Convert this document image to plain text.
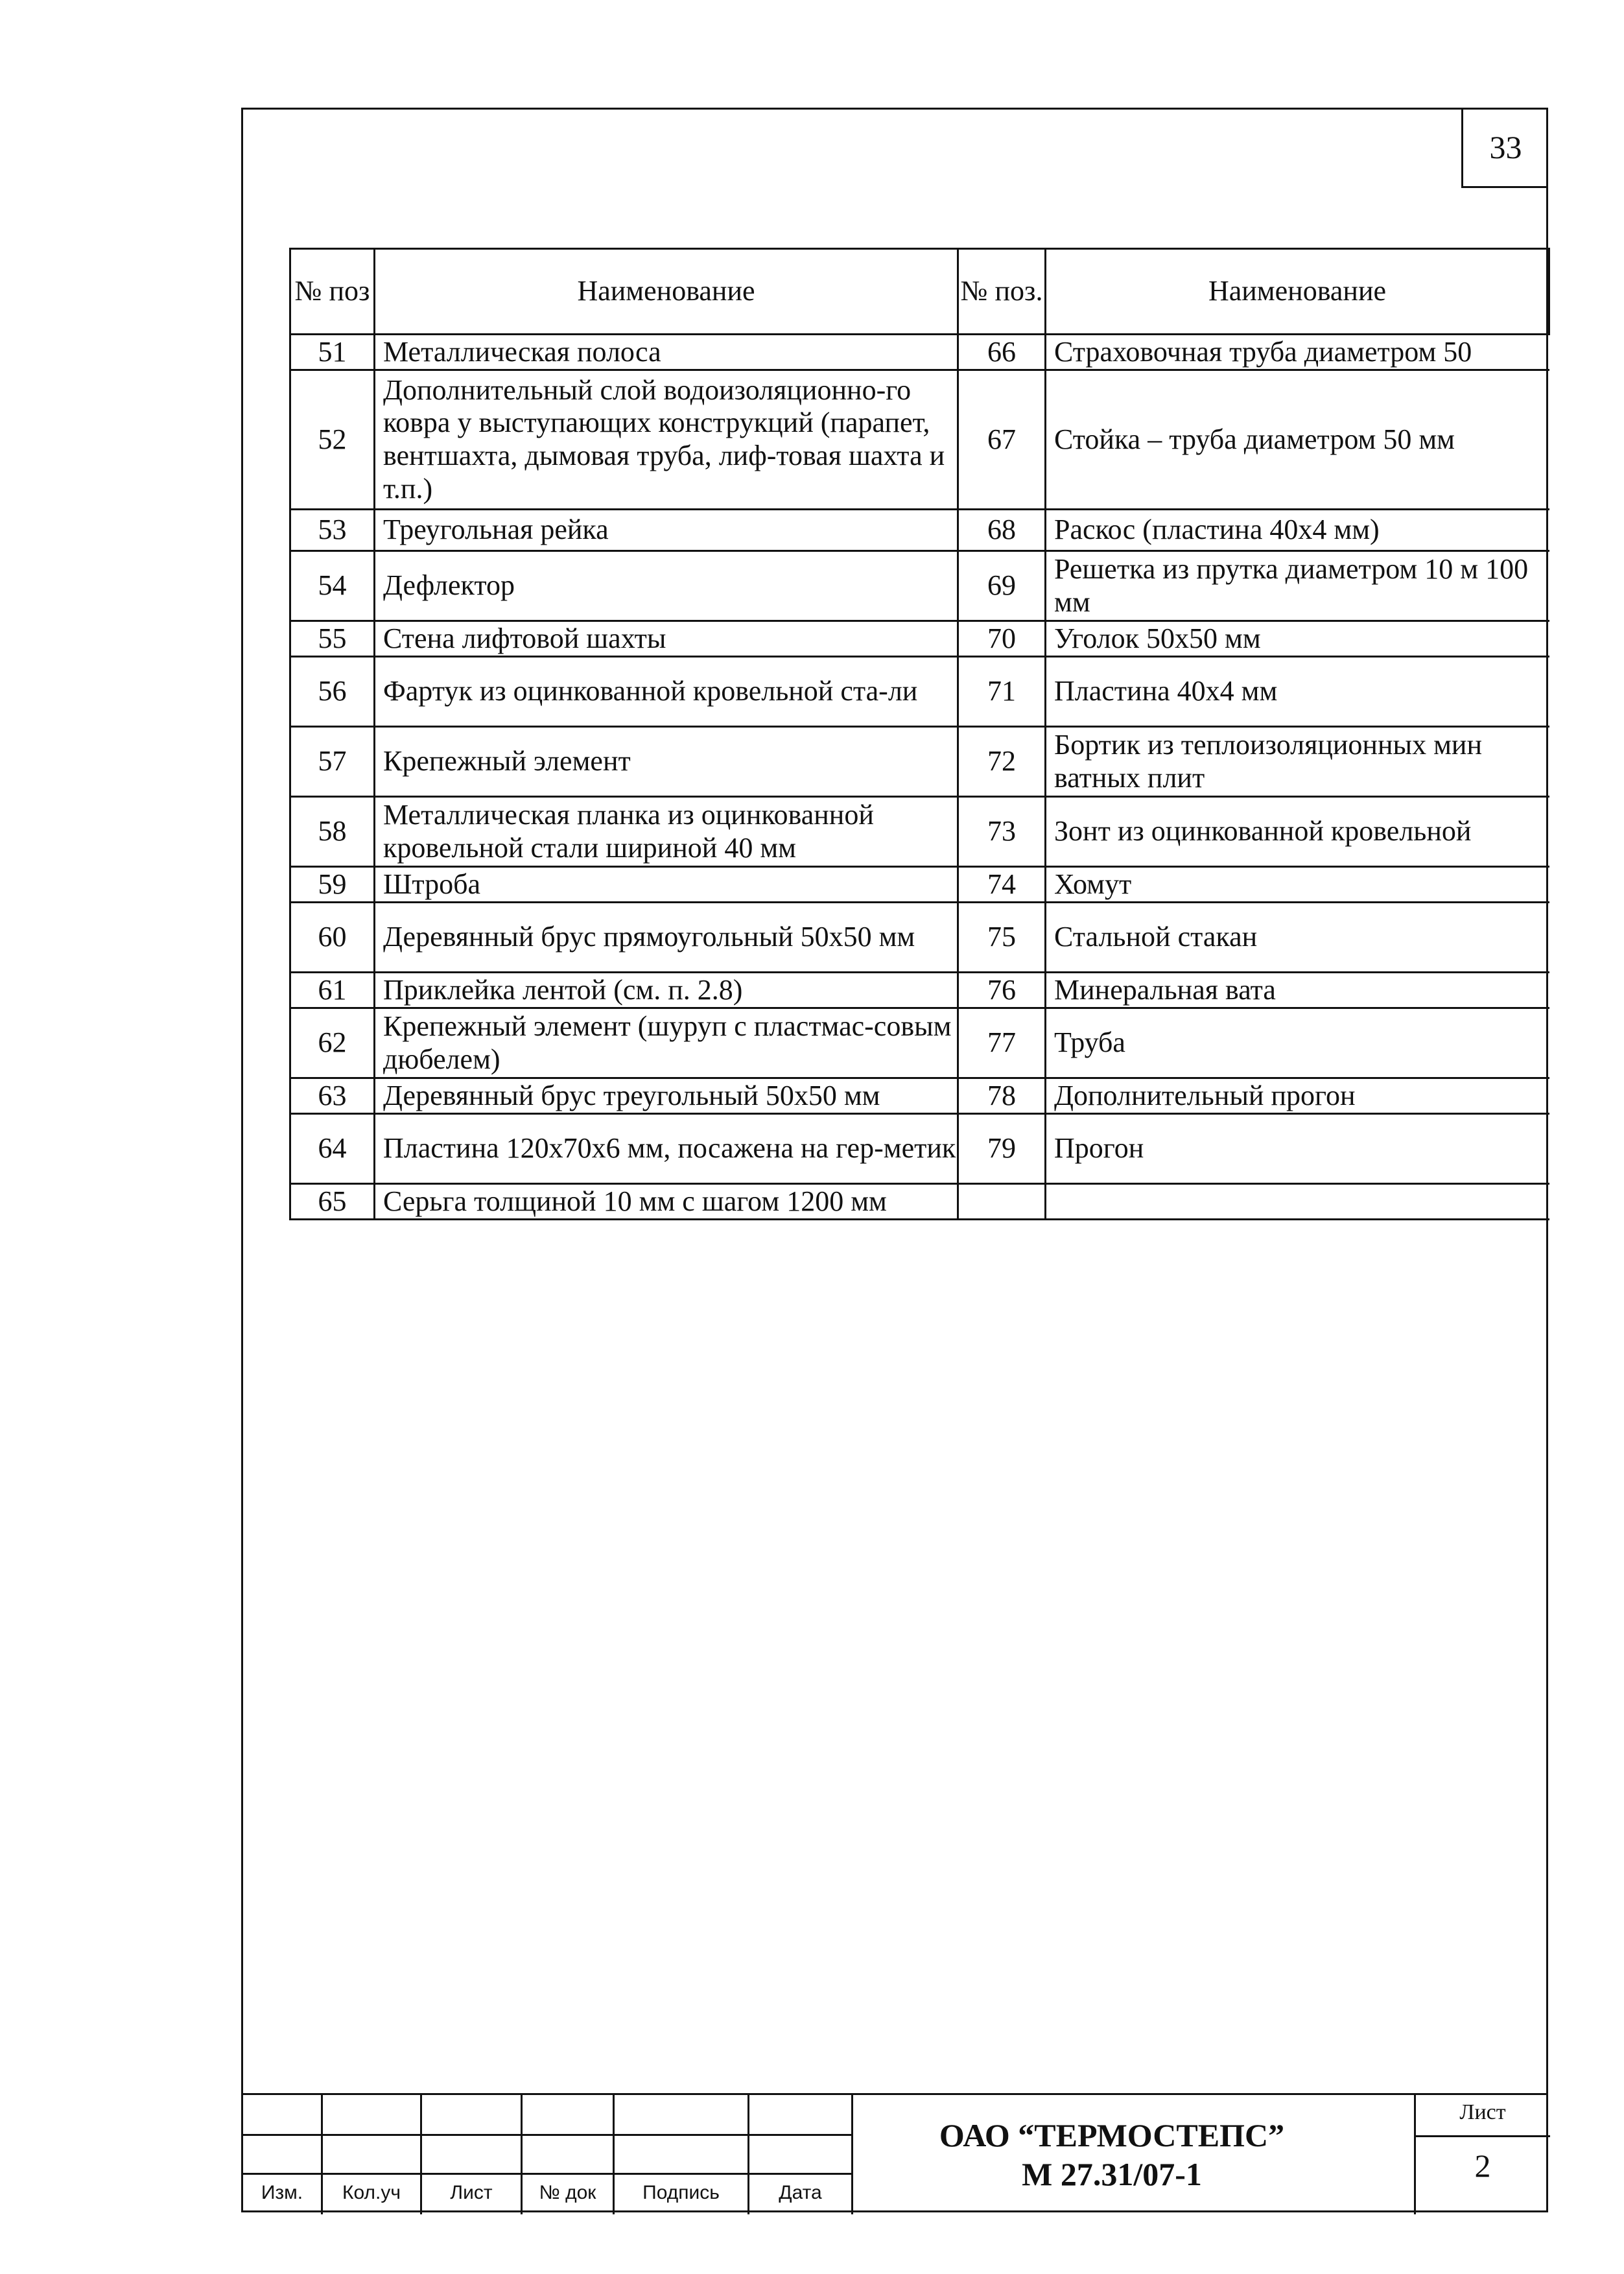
33
№ поз	Наименование	№ поз.	Наименование
51	Металлическая полоса	66	Страховочная труба диаметром 50
52	Дополнительный слой водоизоляционно-го ковра у выступающих конструкций (парапет, вентшахта, дымовая труба, лиф-товая шахта и т.п.)	67	Стойка – труба диаметром 50 мм
53	Треугольная рейка	68	Раскос (пластина 40х4 мм)
54	Дефлектор	69	Решетка из прутка диаметром 10 м 100 мм
55	Стена лифтовой шахты	70	Уголок 50х50 мм
56	Фартук из оцинкованной кровельной ста-ли	71	Пластина 40х4 мм
57	Крепежный элемент	72	Бортик из теплоизоляционных мин ватных плит
58	Металлическая планка из оцинкованной кровельной стали шириной 40 мм	73	Зонт из оцинкованной кровельной
59	Штроба	74	Хомут
60	Деревянный брус прямоугольный 50х50 мм	75	Стальной стакан
61	Приклейка лентой (см. п. 2.8)	76	Минеральная вата
62	Крепежный элемент (шуруп с пластмас-совым дюбелем)	77	Труба
63	Деревянный брус треугольный 50х50 мм	78	Дополнительный прогон
64	Пластина 120х70х6 мм, посажена на гер-метик	79	Прогон
65	Серьга толщиной 10 мм с шагом 1200 мм		
Изм.	Кол.уч	Лист	№ док	Подпись	Дата
ОАО “ТЕРМОСТЕПС”
М 27.31/07-1
Лист
2
